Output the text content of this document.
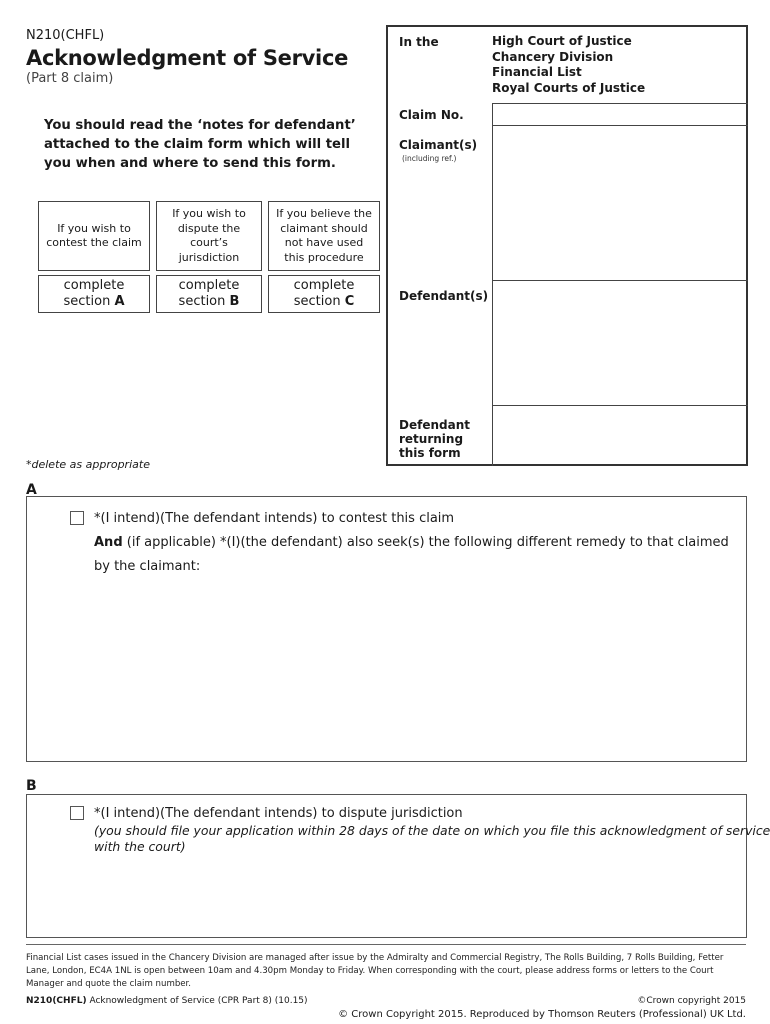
N210(CHFL)
Acknowledgment of Service
(Part 8 claim)
You should read the ‘notes for defendant’ attached to the claim form which will tell you when and where to send this form.
If you wish to contest the claim
If you wish to dispute the court’s jurisdiction
If you believe the claimant should not have used this procedure
complete
section A
complete
section B
complete
section C
In the	High Court of Justice
Chancery Division
Financial List
Royal Courts of Justice
Claim No.
Claimant(s)
(including ref.)
Defendant(s)
Defendant
returning
this form
*delete as appropriate
A
*(I intend)(The defendant intends) to contest this claim
And (if applicable) *(I)(the defendant) also seek(s) the following different remedy to that claimed
by the claimant:
B
*(I intend)(The defendant intends) to dispute jurisdiction
(you should file your application within 28 days of the date on which you file this acknowledgment of service
with the court)
Financial List cases issued in the Chancery Division are managed after issue by the Admiralty and Commercial Registry, The Rolls Building, 7 Rolls Building, Fetter Lane, London, EC4A 1NL is open between 10am and 4.30pm Monday to Friday. When corresponding with the court, please address forms or letters to the Court Manager and quote the claim number.
N210(CHFL) Acknowledgment of Service (CPR Part 8) (10.15)	©Crown copyright 2015
© Crown Copyright 2015. Reproduced by Thomson Reuters (Professional) UK Ltd.
